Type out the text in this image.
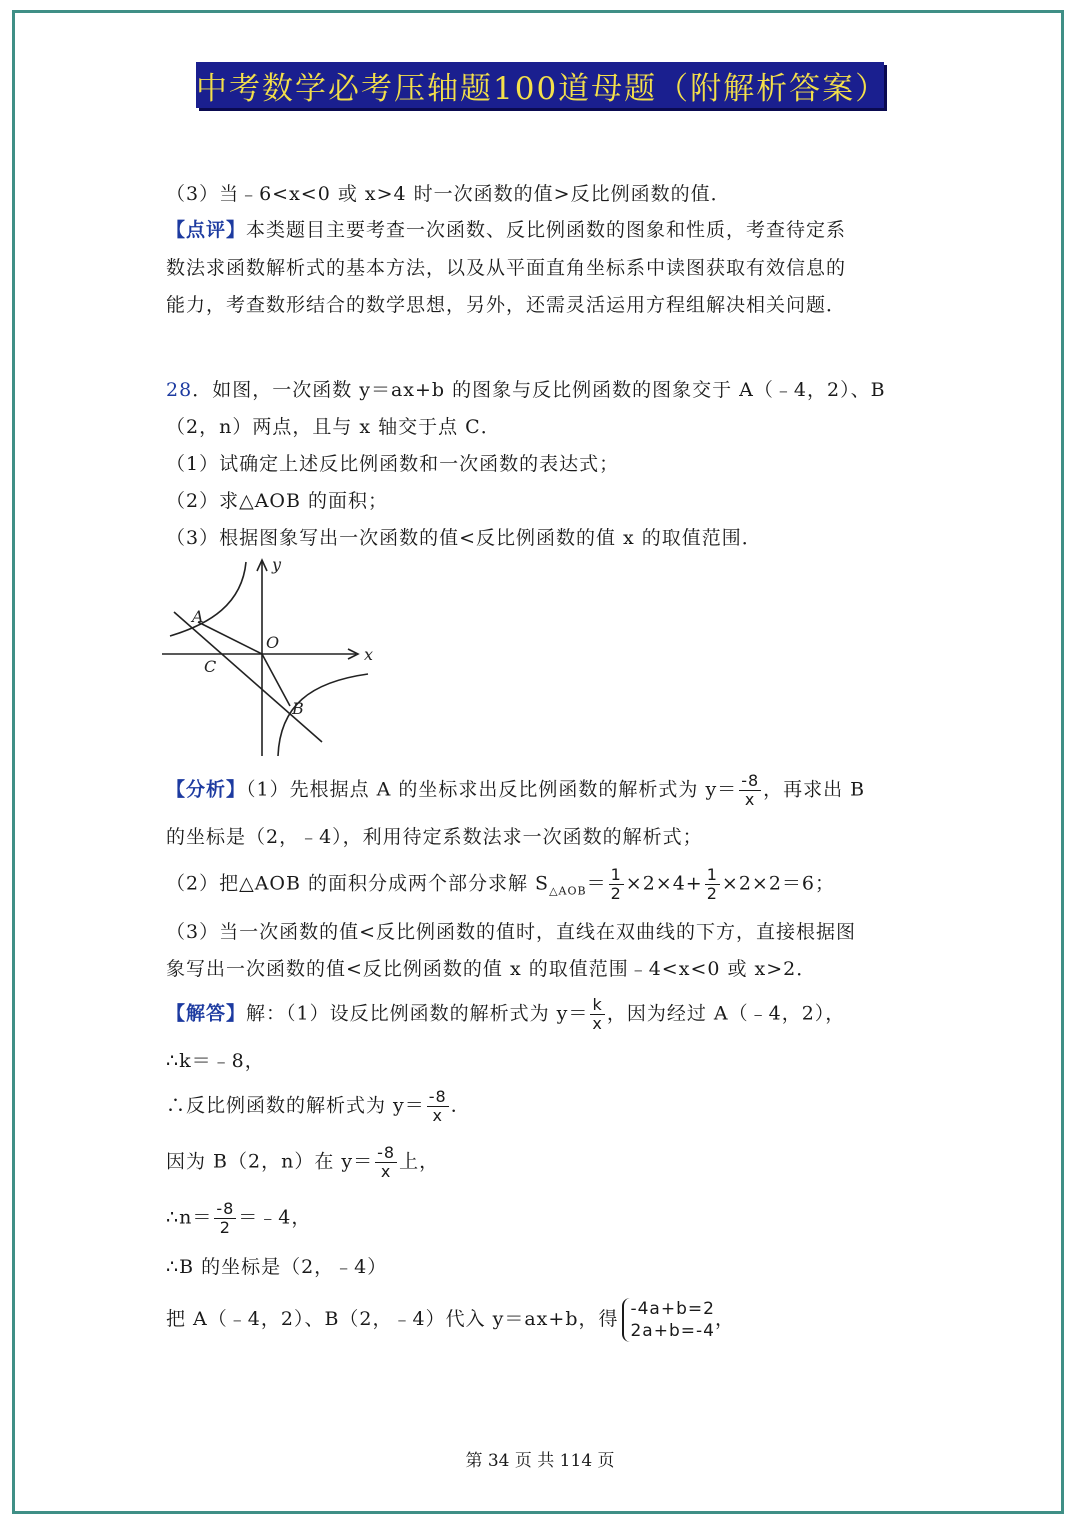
中考数学必考压轴题100道母题（附解析答案）
（3）当﹣6<x<0 或 x>4 时一次函数的值>反比例函数的值．
【点评】本类题目主要考查一次函数、反比例函数的图象和性质，考查待定系
数法求函数解析式的基本方法，以及从平面直角坐标系中读图获取有效信息的
能力，考查数形结合的数学思想，另外，还需灵活运用方程组解决相关问题．
28．如图，一次函数 y＝ax+b 的图象与反比例函数的图象交于 A（﹣4，2）、B
（2，n）两点，且与 x 轴交于点 C．
（1）试确定上述反比例函数和一次函数的表达式；
（2）求△AOB 的面积；
（3）根据图象写出一次函数的值<反比例函数的值 x 的取值范围．
y
x
O
A
B
C
【分析】（1）先根据点 A 的坐标求出反比例函数的解析式为 $y= \frac{-8}{x}$ ，再求出 B
的坐标是（2，﹣4），利用待定系数法求一次函数的解析式；
（2）把△AOB 的面积分成两个部分求解 $S_{\triangle AOB}= \frac{1}{2} \times 2\times 4+ \frac{1}{2} \times 2\times 2=6$；
（3）当一次函数的值<反比例函数的值时，直线在双曲线的下方，直接根据图
象写出一次函数的值<反比例函数的值 x 的取值范围﹣4<x<0 或 x>2．
【解答】解：（1）设反比例函数的解析式为 $y= \frac{k}{x}$ ，因为经过 A（﹣4，2），
∴k＝﹣8，
∴反比例函数的解析式为 $y= \frac{-8}{x}$ ．
因为 B（2，n）在 $y= \frac{-8}{x}$ 上，
∴n＝ $\frac{-8}{2}$ ＝﹣4，
∴B 的坐标是（2，﹣4）
把 A（﹣4，2）、B（2，﹣4）代入 y＝ax+b，得 -4a+b=2
2a+b=-4
，
第 34 页 共 114 页
